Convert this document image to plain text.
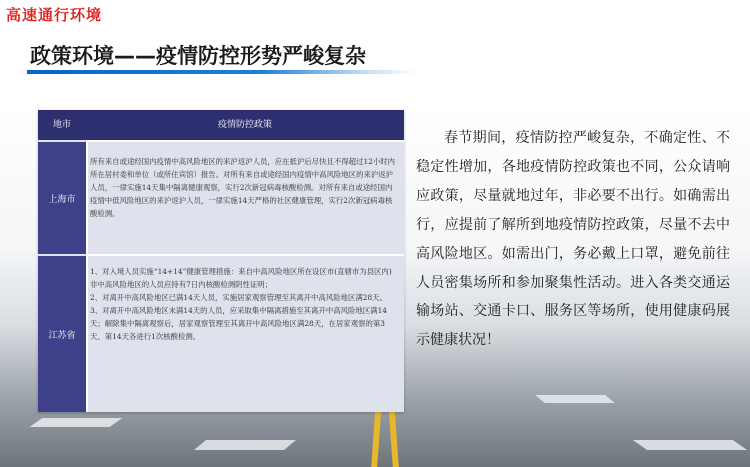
高速通行环境
政策环境——疫情防控形势严峻复杂
地市	疫情防控政策
上海市

所有来自或途经国内疫情中高风险地区的来沪返沪人员，应在抵沪后尽快且不得超过12小时内所在居村委和单位（或所住宾馆）报告。对所有来自或途经国内疫情中高风险地区的来沪返沪人员，一律实施14天集中隔离健康观察，实行2次新冠病毒核酸检测。对所有来自或途经国内疫情中低风险地区的来沪返沪人员，一律实施14天严格的社区健康管理，实行2次新冠病毒核酸检测。

江苏省

1、对入境人员实施“14+14”健康管理措施：来自中高风险地区所在设区市(直辖市为县区内)非中高风险地区的人员应持有7日内核酸检测阴性证明；

2、对离开中高风险地区已满14天人员，实施居家观察管理至其离开中高风险地区满28天。

3、对离开中高风险地区未满14天的人员，应采取集中隔离措施至其离开中高风险地区满14天；解除集中隔离观察后，居家观察管理至其离开中高风险地区满28天，在居家观察的第3天、第14天各进行1次核酸检测。

春节期间，疫情防控严峻复杂，不确定性、不稳定性增加，各地疫情防控政策也不同，公众请响应政策，尽量就地过年，非必要不出行。如确需出行，应提前了解所到地疫情防控政策，尽量不去中高风险地区。如需出门，务必戴上口罩，避免前往人员密集场所和参加聚集性活动。进入各类交通运输场站、交通卡口、服务区等场所，使用健康码展示健康状况！
